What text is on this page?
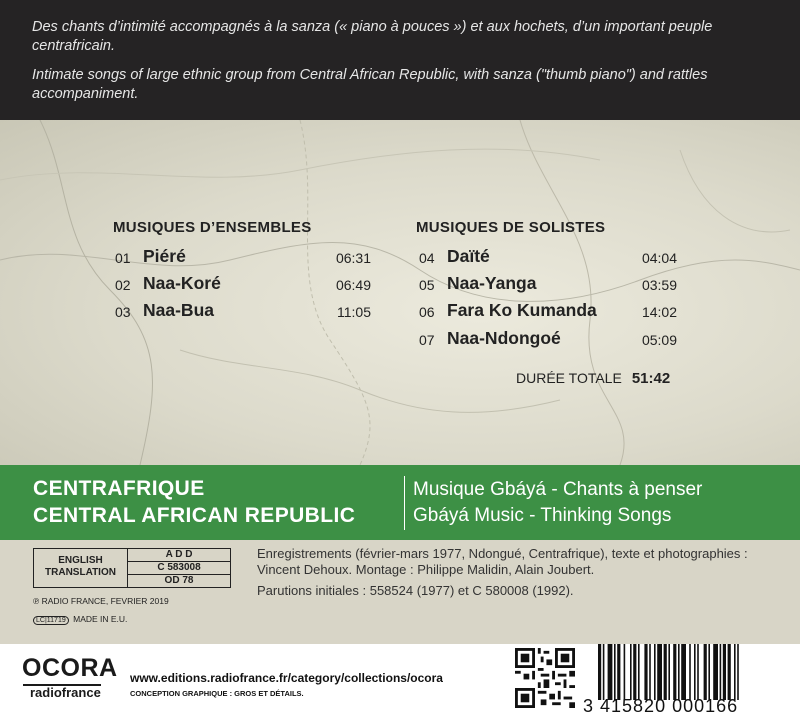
Des chants d’intimité accompagnés à la sanza (« piano à pouces ») et aux hochets, d’un important peuple centrafricain.

Intimate songs of large ethnic group from Central African Republic, with sanza ("thumb piano") and rattles accompaniment.

MUSIQUES D’ENSEMBLES	MUSIQUES DE SOLISTES
01 Piéré	06:31
02 Naa-Koré	06:49
03 Naa-Bua	11:05
04 Daïté	04:04
05 Naa-Yanga	03:59
06 Fara Ko Kumanda	14:02
07 Naa-Ndongoé	05:09
DURÉE TOTALE 51:42
CENTRAFRIQUE
CENTRAL AFRICAN REPUBLIC
Musique Gbáyá - Chants à penser
Gbáyá Music - Thinking Songs
ENGLISH
TRANSLATION
A D D
C 583008
OD 78
Enregistrements (février-mars 1977, Ndongué, Centrafrique), texte et photographies :
Vincent Dehoux. Montage : Philippe Malidin, Alain Joubert.
Parutions initiales : 558524 (1977) et C 580008 (1992).
℗ RADIO FRANCE, FEVRIER 2019
LC|11719 MADE IN E.U.
OCORA
radiofrance
www.editions.radiofrance.fr/category/collections/ocora
CONCEPTION GRAPHIQUE : GROS ET DÉTAILS.
3 415820 000166
